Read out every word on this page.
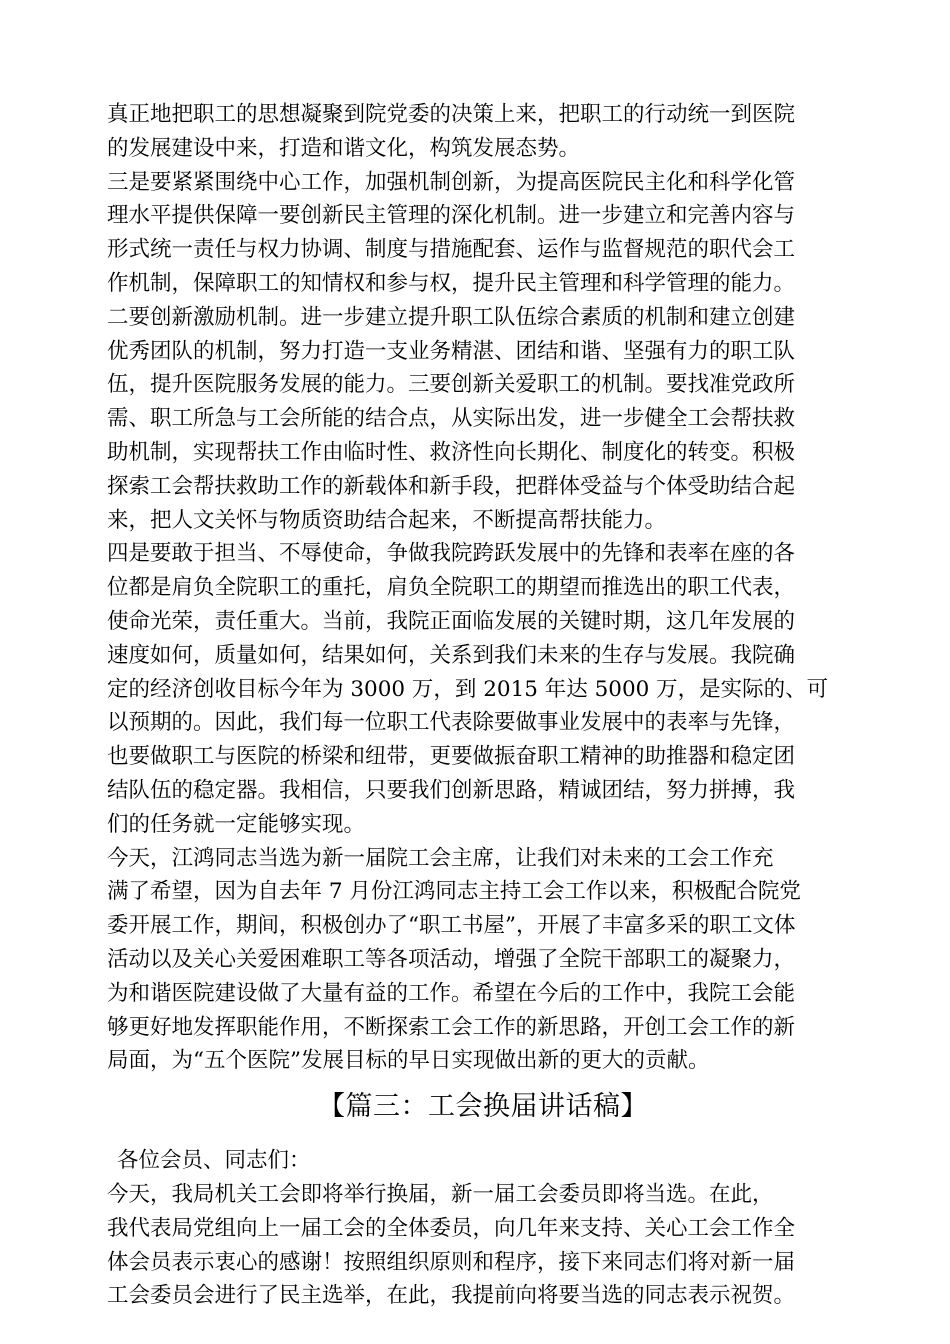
真正地把职工的思想凝聚到院党委的决策上来，把职工的行动统一到医院
的发展建设中来，打造和谐文化，构筑发展态势。
三是要紧紧围绕中心工作，加强机制创新，为提高医院民主化和科学化管
理水平提供保障一要创新民主管理的深化机制。进一步建立和完善内容与
形式统一责任与权力协调、制度与措施配套、运作与监督规范的职代会工
作机制，保障职工的知情权和参与权，提升民主管理和科学管理的能力。
二要创新激励机制。进一步建立提升职工队伍综合素质的机制和建立创建
优秀团队的机制，努力打造一支业务精湛、团结和谐、坚强有力的职工队
伍，提升医院服务发展的能力。三要创新关爱职工的机制。要找准党政所
需、职工所急与工会所能的结合点，从实际出发，进一步健全工会帮扶救
助机制，实现帮扶工作由临时性、救济性向长期化、制度化的转变。积极
探索工会帮扶救助工作的新载体和新手段，把群体受益与个体受助结合起
来，把人文关怀与物质资助结合起来，不断提高帮扶能力。
四是要敢于担当、不辱使命，争做我院跨跃发展中的先锋和表率在座的各
位都是肩负全院职工的重托，肩负全院职工的期望而推选出的职工代表，
使命光荣，责任重大。当前，我院正面临发展的关键时期，这几年发展的
速度如何，质量如何，结果如何，关系到我们未来的生存与发展。我院确
定的经济创收目标今年为 3000 万，到 2015 年达 5000 万，是实际的、可
以预期的。因此，我们每一位职工代表除要做事业发展中的表率与先锋，
也要做职工与医院的桥梁和纽带，更要做振奋职工精神的助推器和稳定团
结队伍的稳定器。我相信，只要我们创新思路，精诚团结，努力拼搏，我
们的任务就一定能够实现。
今天，江鸿同志当选为新一届院工会主席，让我们对未来的工会工作充
满了希望，因为自去年 7 月份江鸿同志主持工会工作以来，积极配合院党
委开展工作，期间，积极创办了“职工书屋”，开展了丰富多采的职工文体
活动以及关心关爱困难职工等各项活动，增强了全院干部职工的凝聚力，
为和谐医院建设做了大量有益的工作。希望在今后的工作中，我院工会能
够更好地发挥职能作用，不断探索工会工作的新思路，开创工会工作的新
局面，为“五个医院”发展目标的早日实现做出新的更大的贡献。
【篇三：工会换届讲话稿】
各位会员、同志们：
今天，我局机关工会即将举行换届，新一届工会委员即将当选。在此，
我代表局党组向上一届工会的全体委员，向几年来支持、关心工会工作全
体会员表示衷心的感谢！按照组织原则和程序，接下来同志们将对新一届
工会委员会进行了民主选举，在此，我提前向将要当选的同志表示祝贺。
